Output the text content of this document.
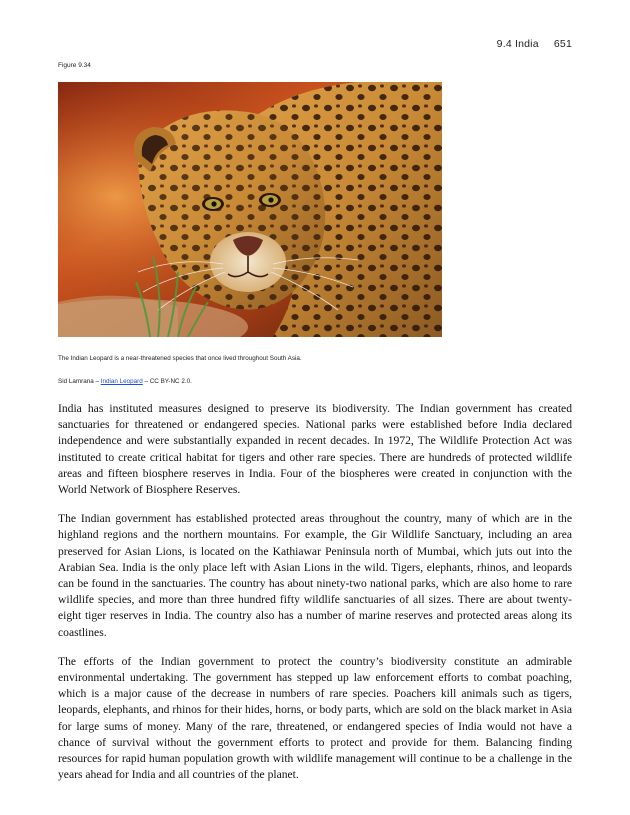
9.4 India 651
Figure 9.34
The Indian Leopard is a near-threatened species that once lived throughout South Asia.
Sid Lamrana – Indian Leopard – CC BY-NC 2.0.

India has instituted measures designed to preserve its biodiversity. The Indian government has created sanctuaries for threatened or endangered species. National parks were established before India declared independence and were substantially expanded in recent decades. In 1972, The Wildlife Protection Act was instituted to create critical habitat for tigers and other rare species. There are hundreds of protected wildlife areas and fifteen biosphere reserves in India. Four of the biospheres were created in conjunction with the World Network of Biosphere Reserves.

The Indian government has established protected areas throughout the country, many of which are in the highland regions and the northern mountains. For example, the Gir Wildlife Sanctuary, including an area preserved for Asian Lions, is located on the Kathiawar Peninsula north of Mumbai, which juts out into the Arabian Sea. India is the only place left with Asian Lions in the wild. Tigers, elephants, rhinos, and leopards can be found in the sanctuaries. The country has about ninety-two national parks, which are also home to rare wildlife species, and more than three hundred fifty wildlife sanctuaries of all sizes. There are about twenty-eight tiger reserves in India. The country also has a number of marine reserves and protected areas along its coastlines.

The efforts of the Indian government to protect the country’s biodiversity constitute an admirable environmental undertaking. The government has stepped up law enforcement efforts to combat poaching, which is a major cause of the decrease in numbers of rare species. Poachers kill animals such as tigers, leopards, elephants, and rhinos for their hides, horns, or body parts, which are sold on the black market in Asia for large sums of money. Many of the rare, threatened, or endangered species of India would not have a chance of survival without the government efforts to protect and provide for them. Balancing finding resources for rapid human population growth with wildlife management will continue to be a challenge in the years ahead for India and all countries of the planet.
